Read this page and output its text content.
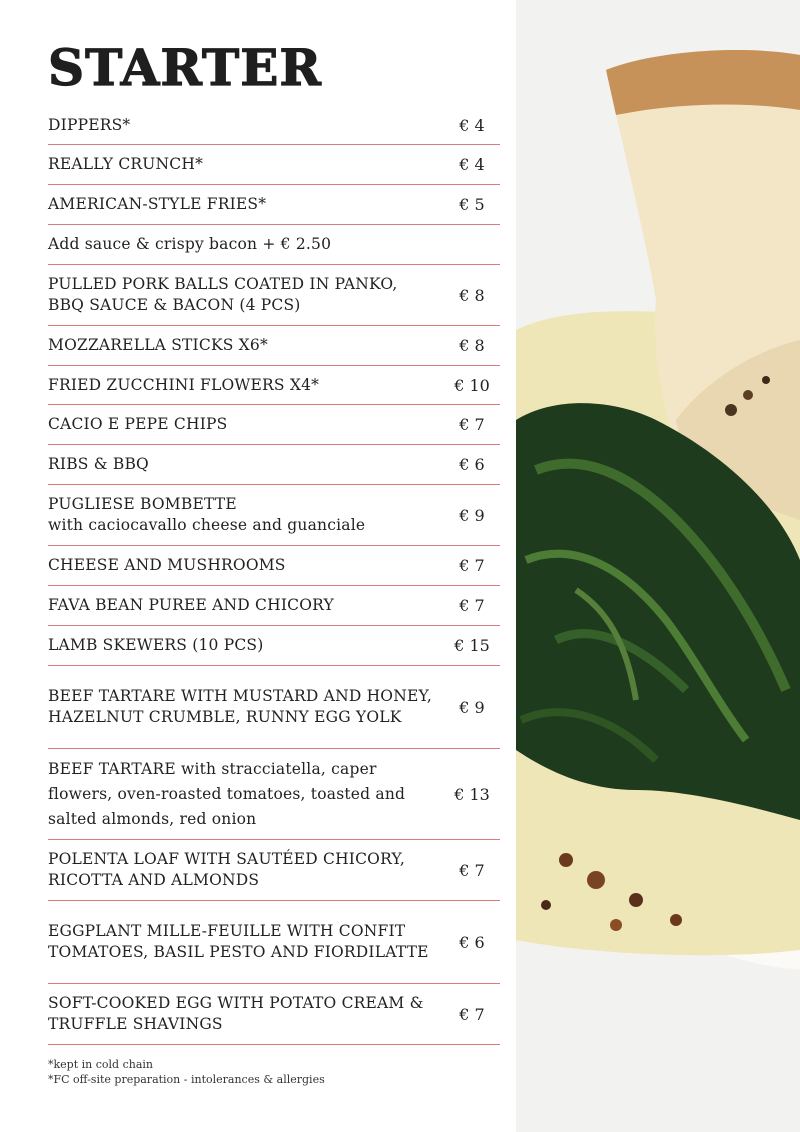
STARTER
DIPPERS*	€ 4
REALLY CRUNCH*	€ 4
AMERICAN-STYLE FRIES*	€ 5
Add sauce & crispy bacon + € 2.50
PULLED PORK BALLS COATED IN PANKO, BBQ SAUCE & BACON (4 PCS)
€ 8
MOZZARELLA STICKS X6*	€ 8
FRIED ZUCCHINI FLOWERS X4*	€ 10
CACIO E PEPE CHIPS	€ 7
RIBS & BBQ	€ 6
PUGLIESE BOMBETTE
with caciocavallo cheese and guanciale
€ 9
CHEESE AND MUSHROOMS	€ 7
FAVA BEAN PUREE AND CHICORY	€ 7
LAMB SKEWERS (10 PCS)	€ 15
BEEF TARTARE WITH MUSTARD AND HONEY, HAZELNUT CRUMBLE, RUNNY EGG YOLK
€ 9
BEEF TARTARE with stracciatella, caper flowers, oven-roasted tomatoes, toasted and salted almonds, red onion
€ 13
POLENTA LOAF WITH SAUTÉED CHICORY, RICOTTA AND ALMONDS
€ 7
EGGPLANT MILLE-FEUILLE WITH CONFIT TOMATOES, BASIL PESTO AND FIORDILATTE
€ 6
SOFT-COOKED EGG WITH POTATO CREAM & TRUFFLE SHAVINGS
€ 7
*kept in cold chain
*FC off-site preparation - intolerances & allergies
